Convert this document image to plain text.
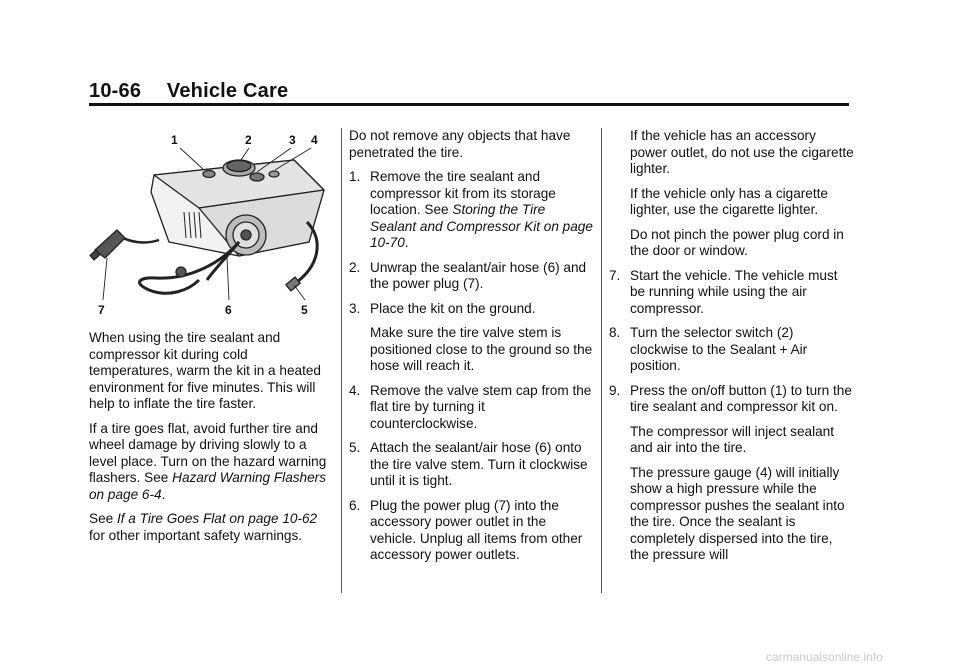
10-66 Vehicle Care
1	2	3 4
5
6
7

When using the tire sealant and compressor kit during cold temperatures, warm the kit in a heated environment for five minutes. This will help to inflate the tire faster.

If a tire goes flat, avoid further tire and wheel damage by driving slowly to a level place. Turn on the hazard warning flashers. See Hazard Warning Flashers on page 6-4.

See If a Tire Goes Flat on page 10-62 for other important safety warnings.

Do not remove any objects that have penetrated the tire.

1. Remove the tire sealant and compressor kit from its storage location. See Storing the Tire Sealant and Compressor Kit on page 10-70.
2. Unwrap the sealant/air hose (6) and the power plug (7).
3. Place the kit on the ground.

Make sure the tire valve stem is positioned close to the ground so the hose will reach it.

4. Remove the valve stem cap from the flat tire by turning it counterclockwise.
5. Attach the sealant/air hose (6) onto the tire valve stem. Turn it clockwise until it is tight.
6. Plug the power plug (7) into the accessory power outlet in the vehicle. Unplug all items from other accessory power outlets.

If the vehicle has an accessory power outlet, do not use the cigarette lighter.

If the vehicle only has a cigarette lighter, use the cigarette lighter.

Do not pinch the power plug cord in the door or window.

7. Start the vehicle. The vehicle must be running while using the air compressor.
8. Turn the selector switch (2) clockwise to the Sealant + Air position.
9. Press the on/off button (1) to turn the tire sealant and compressor kit on.

The compressor will inject sealant and air into the tire.

The pressure gauge (4) will initially show a high pressure while the compressor pushes the sealant into the tire. Once the sealant is completely dispersed into the tire, the pressure will

carmanualsonline.info
